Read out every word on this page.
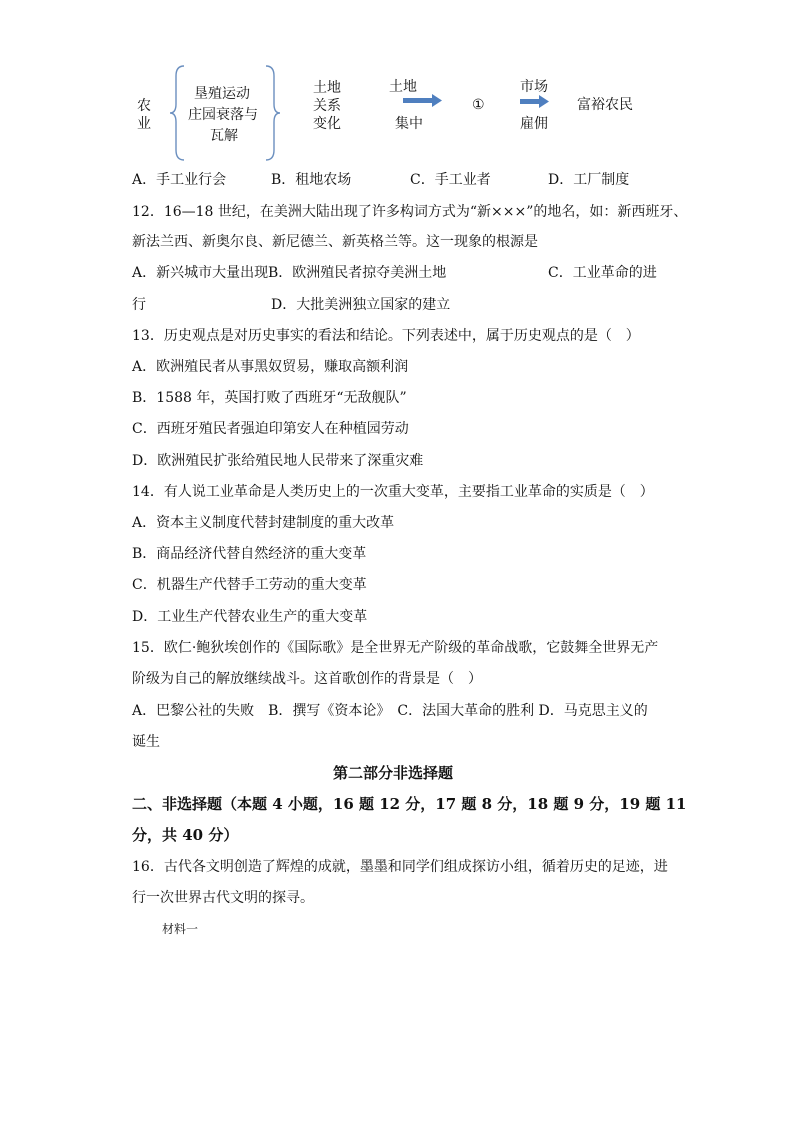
农
业
垦殖运动
庄园衰落与
瓦解
土地
关系
变化
土地
集中
①
市场
雇佣
富裕农民
A．手工业行会	B．租地农场	C．手工业者	D．工厂制度
12．16—18 世纪，在美洲大陆出现了许多构词方式为“新×××”的地名，如：新西班牙、
新法兰西、新奥尔良、新尼德兰、新英格兰等。这一现象的根源是
A．新兴城市大量出现 B．欧洲殖民者掠夺美洲土地	C．工业革命的进
行	D．大批美洲独立国家的建立
13．历史观点是对历史事实的看法和结论。下列表述中，属于历史观点的是（　）
A．欧洲殖民者从事黑奴贸易，赚取高额利润
B．1588 年，英国打败了西班牙“无敌舰队”
C．西班牙殖民者强迫印第安人在种植园劳动
D．欧洲殖民扩张给殖民地人民带来了深重灾难
14．有人说工业革命是人类历史上的一次重大变革，主要指工业革命的实质是（　）
A．资本主义制度代替封建制度的重大改革
B．商品经济代替自然经济的重大变革
C．机器生产代替手工劳动的重大变革
D．工业生产代替农业生产的重大变革
15．欧仁·鲍狄埃创作的《国际歌》是全世界无产阶级的革命战歌，它鼓舞全世界无产
阶级为自己的解放继续战斗。这首歌创作的背景是（　）
A．巴黎公社的失败　B．撰写《资本论》　C．法国大革命的胜利 D．马克思主义的
诞生
第二部分非选择题
二、非选择题（本题 4 小题，16 题 12 分，17 题 8 分，18 题 9 分，19 题 11
分，共 40 分）
16．古代各文明创造了辉煌的成就，墨墨和同学们组成探访小组，循着历史的足迹，进
行一次世界古代文明的探寻。
材料一
